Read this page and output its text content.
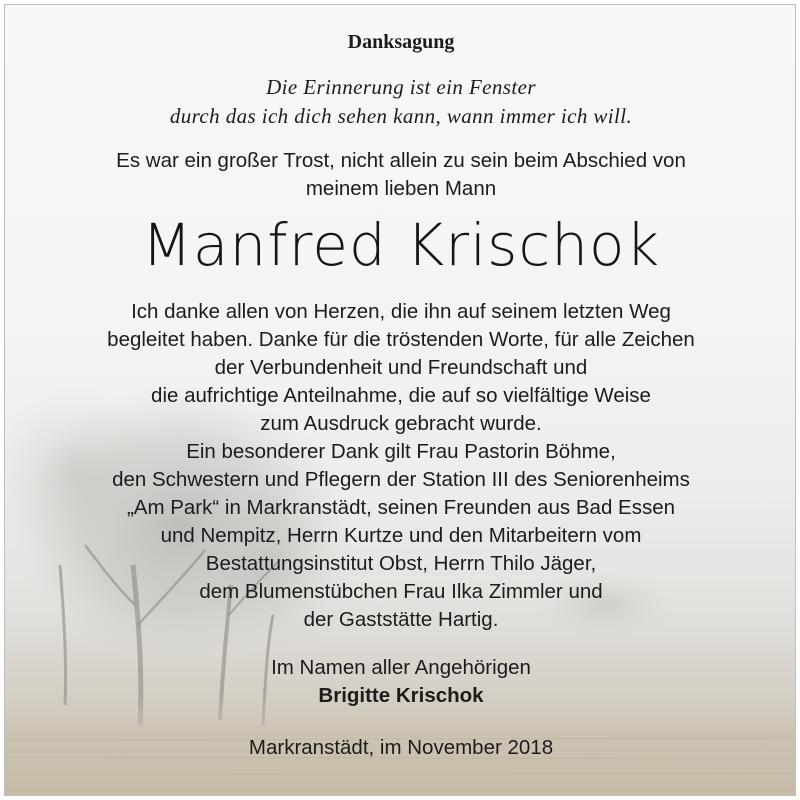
Danksagung
Die Erinnerung ist ein Fenster
durch das ich dich sehen kann, wann immer ich will.
Es war ein großer Trost, nicht allein zu sein beim Abschied von
meinem lieben Mann
Manfred Krischok
Ich danke allen von Herzen, die ihn auf seinem letzten Weg
begleitet haben. Danke für die tröstenden Worte, für alle Zeichen
der Verbundenheit und Freundschaft und
die aufrichtige Anteilnahme, die auf so vielfältige Weise
zum Ausdruck gebracht wurde.
Ein besonderer Dank gilt Frau Pastorin Böhme,
den Schwestern und Pflegern der Station III des Seniorenheims
„Am Park“ in Markranstädt, seinen Freunden aus Bad Essen
und Nempitz, Herrn Kurtze und den Mitarbeitern vom
Bestattungsinstitut Obst, Herrn Thilo Jäger,
dem Blumenstübchen Frau Ilka Zimmler und
der Gaststätte Hartig.
Im Namen aller Angehörigen
Brigitte Krischok
Markranstädt, im November 2018
